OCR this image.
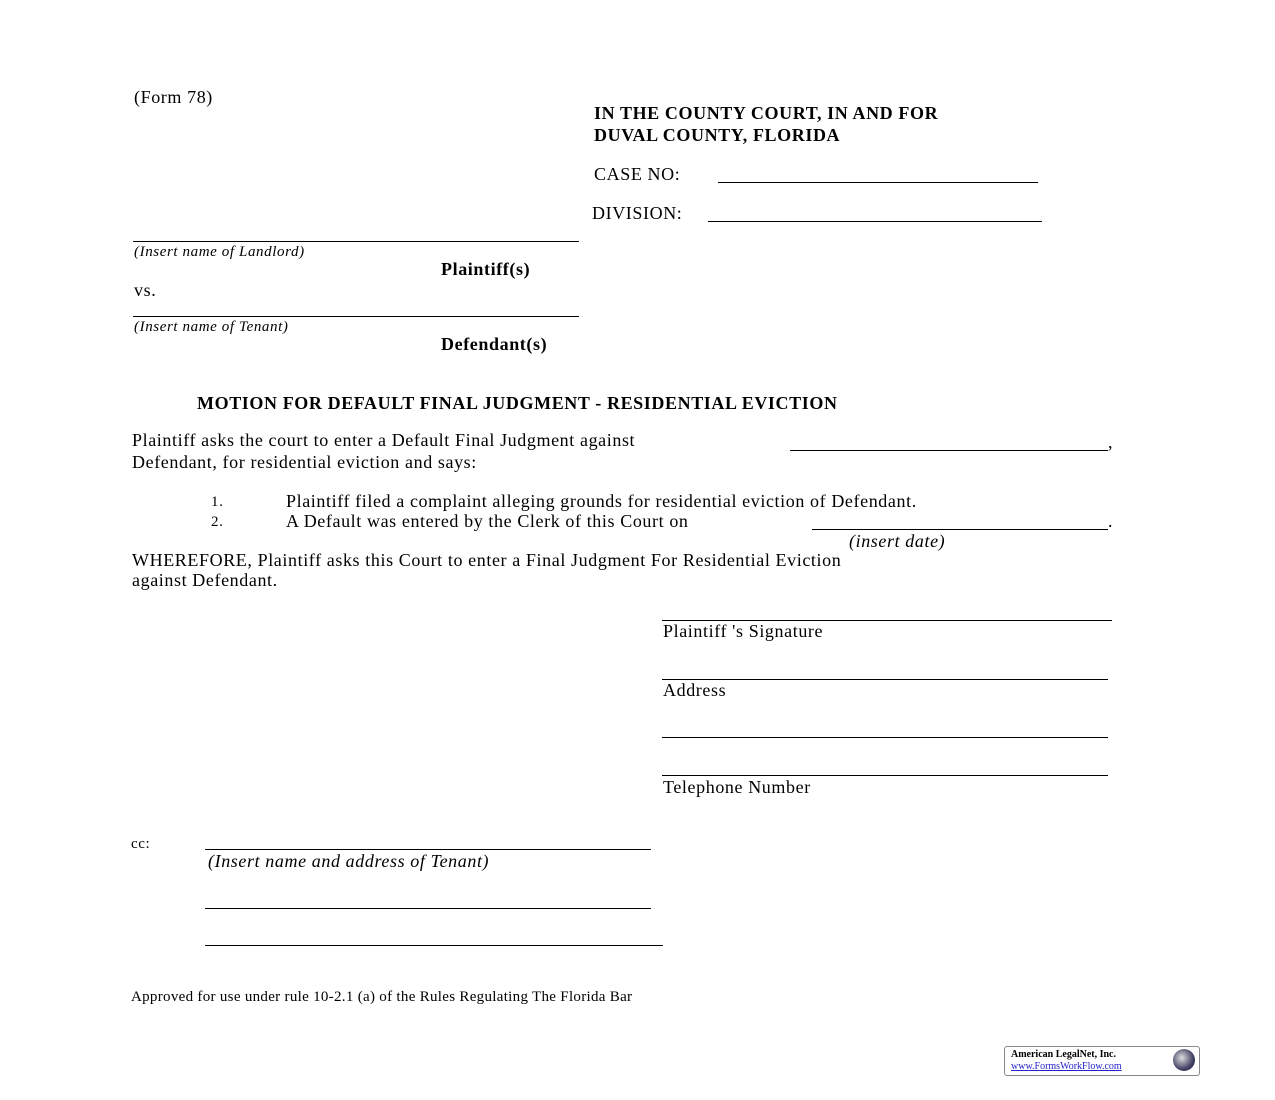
(Form 78)
IN THE COUNTY COURT, IN AND FOR
DUVAL COUNTY, FLORIDA
CASE NO:
DIVISION:
(Insert name of Landlord)
Plaintiff(s)
vs.
(Insert name of Tenant)
Defendant(s)
MOTION FOR DEFAULT FINAL JUDGMENT - RESIDENTIAL EVICTION
Plaintiff asks the court to enter a Default Final Judgment against	,
Defendant, for residential eviction and says:
1.	Plaintiff filed a complaint alleging grounds for residential eviction of Defendant.
2.	A Default was entered by the Clerk of this Court on	.
(insert date)
WHEREFORE, Plaintiff asks this Court to enter a Final Judgment For Residential Eviction
against Defendant.
Plaintiff 's Signature
Address
Telephone Number
cc:
(Insert name and address of Tenant)
Approved for use under rule 10-2.1 (a) of the Rules Regulating The Florida Bar
American LegalNet, Inc.
www.FormsWorkFlow.com
